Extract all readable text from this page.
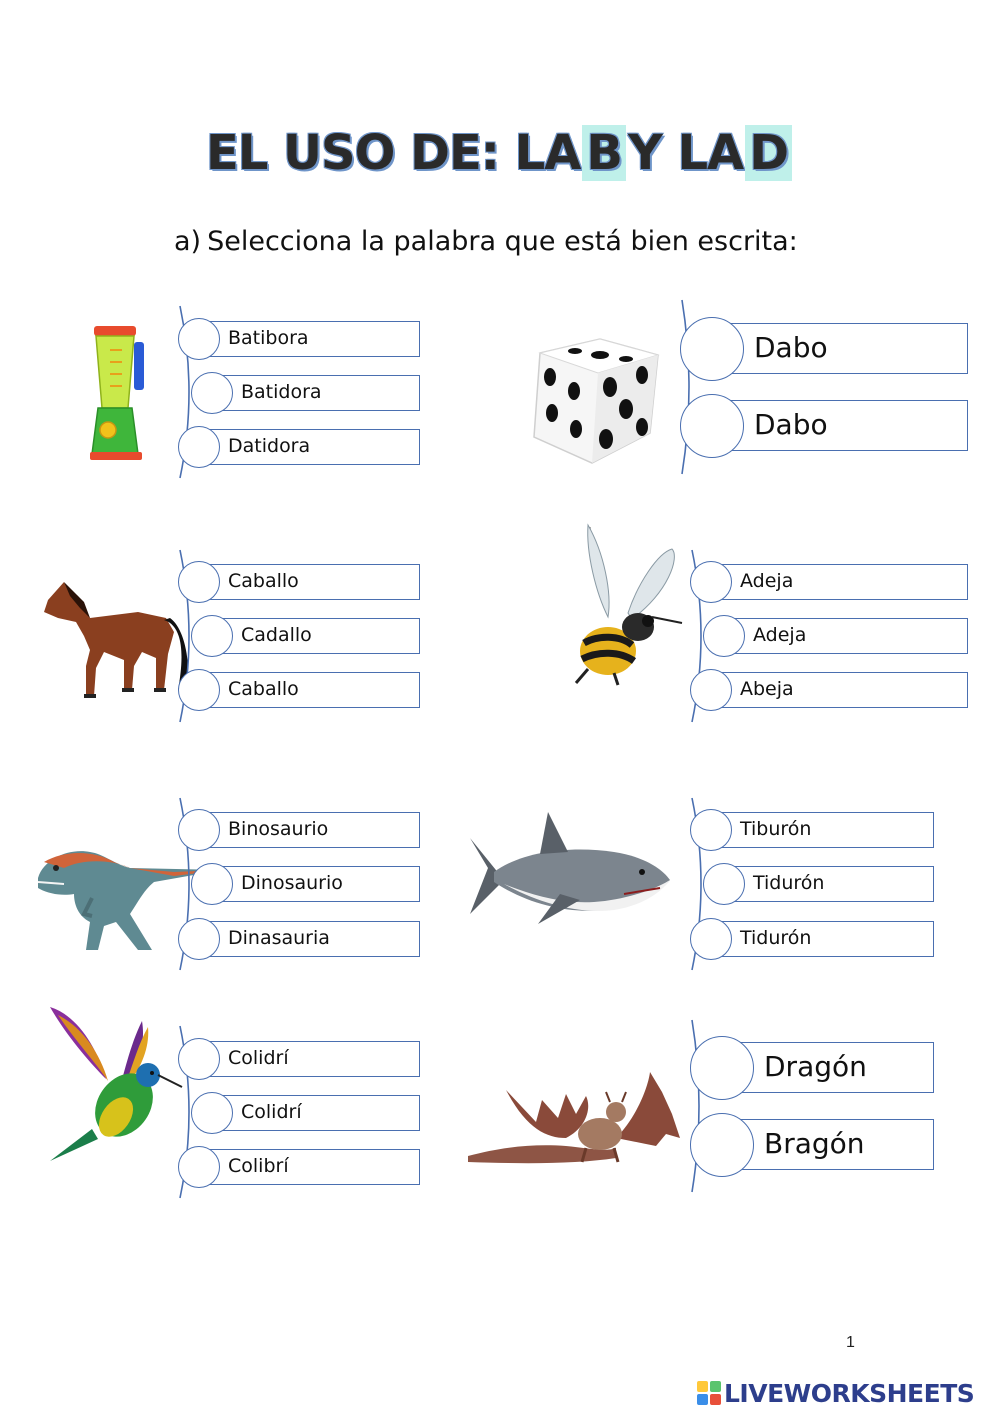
EL USO DE: LA B Y LA D
a) Selecciona la palabra que está bien escrita:
Batibora
Batidora
Datidora
Dabo
Dabo
Caballo
Cadallo
Caballo
Adeja
Adeja
Abeja
Binosaurio
Dinosaurio
Dinasauria
Tiburón
Tidurón
Tidurón
Colidrí
Colidrí
Colibrí
Dragón
Bragón
1
LIVEWORKSHEETS
